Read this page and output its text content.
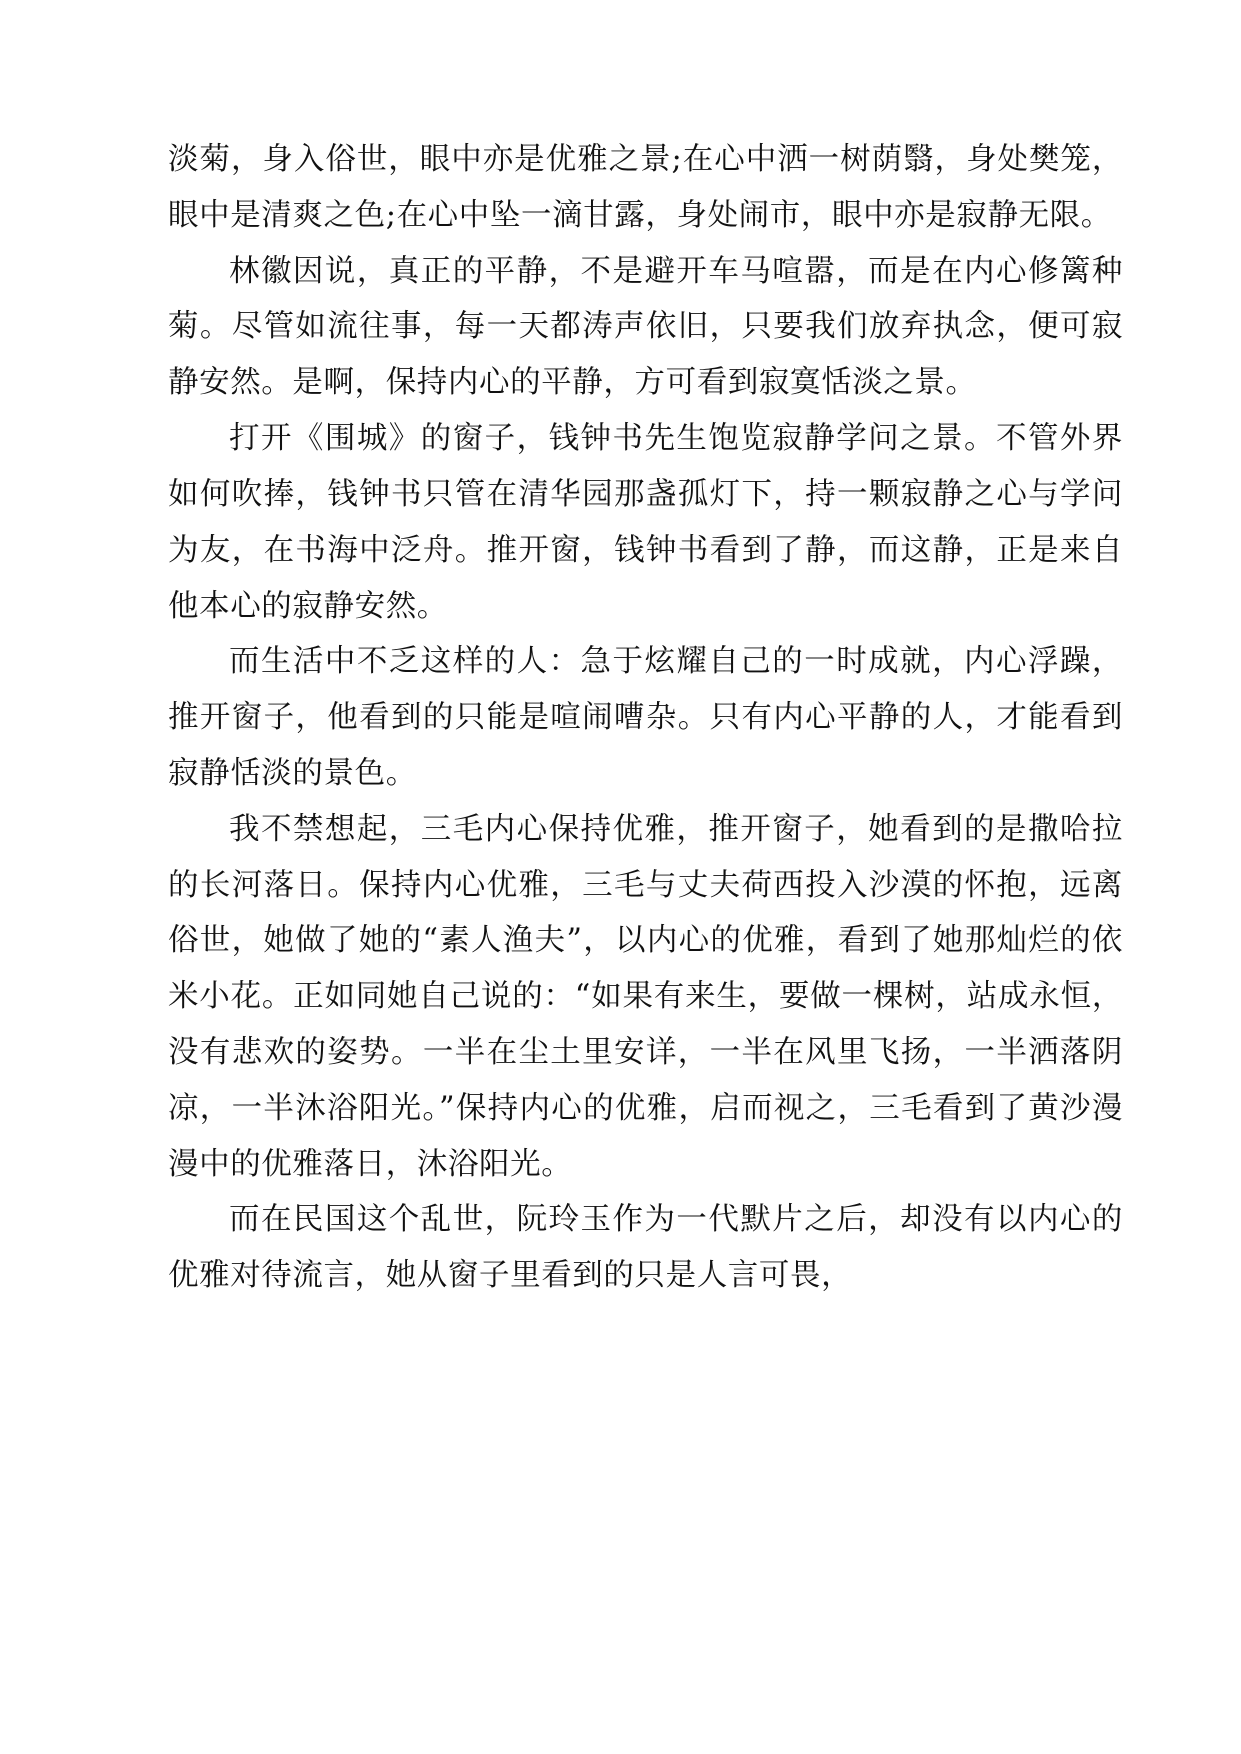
淡菊，身入俗世，眼中亦是优雅之景;在心中洒一树荫翳，身处樊笼，眼中是清爽之色;在心中坠一滴甘露，身处闹市，眼中亦是寂静无限。

林徽因说，真正的平静，不是避开车马喧嚣，而是在内心修篱种菊。尽管如流往事，每一天都涛声依旧，只要我们放弃执念，便可寂静安然。是啊，保持内心的平静，方可看到寂寞恬淡之景。

打开《围城》的窗子，钱钟书先生饱览寂静学问之景。不管外界如何吹捧，钱钟书只管在清华园那盏孤灯下，持一颗寂静之心与学问为友，在书海中泛舟。推开窗，钱钟书看到了静，而这静，正是来自他本心的寂静安然。

而生活中不乏这样的人：急于炫耀自己的一时成就，内心浮躁，推开窗子，他看到的只能是喧闹嘈杂。只有内心平静的人，才能看到寂静恬淡的景色。

我不禁想起，三毛内心保持优雅，推开窗子，她看到的是撒哈拉的长河落日。保持内心优雅，三毛与丈夫荷西投入沙漠的怀抱，远离俗世，她做了她的“素人渔夫”，以内心的优雅，看到了她那灿烂的依米小花。正如同她自己说的：“如果有来生，要做一棵树，站成永恒，没有悲欢的姿势。一半在尘土里安详，一半在风里飞扬，一半洒落阴凉，一半沐浴阳光。”保持内心的优雅，启而视之，三毛看到了黄沙漫漫中的优雅落日，沐浴阳光。

而在民国这个乱世，阮玲玉作为一代默片之后，却没有以内心的优雅对待流言，她从窗子里看到的只是人言可畏，
